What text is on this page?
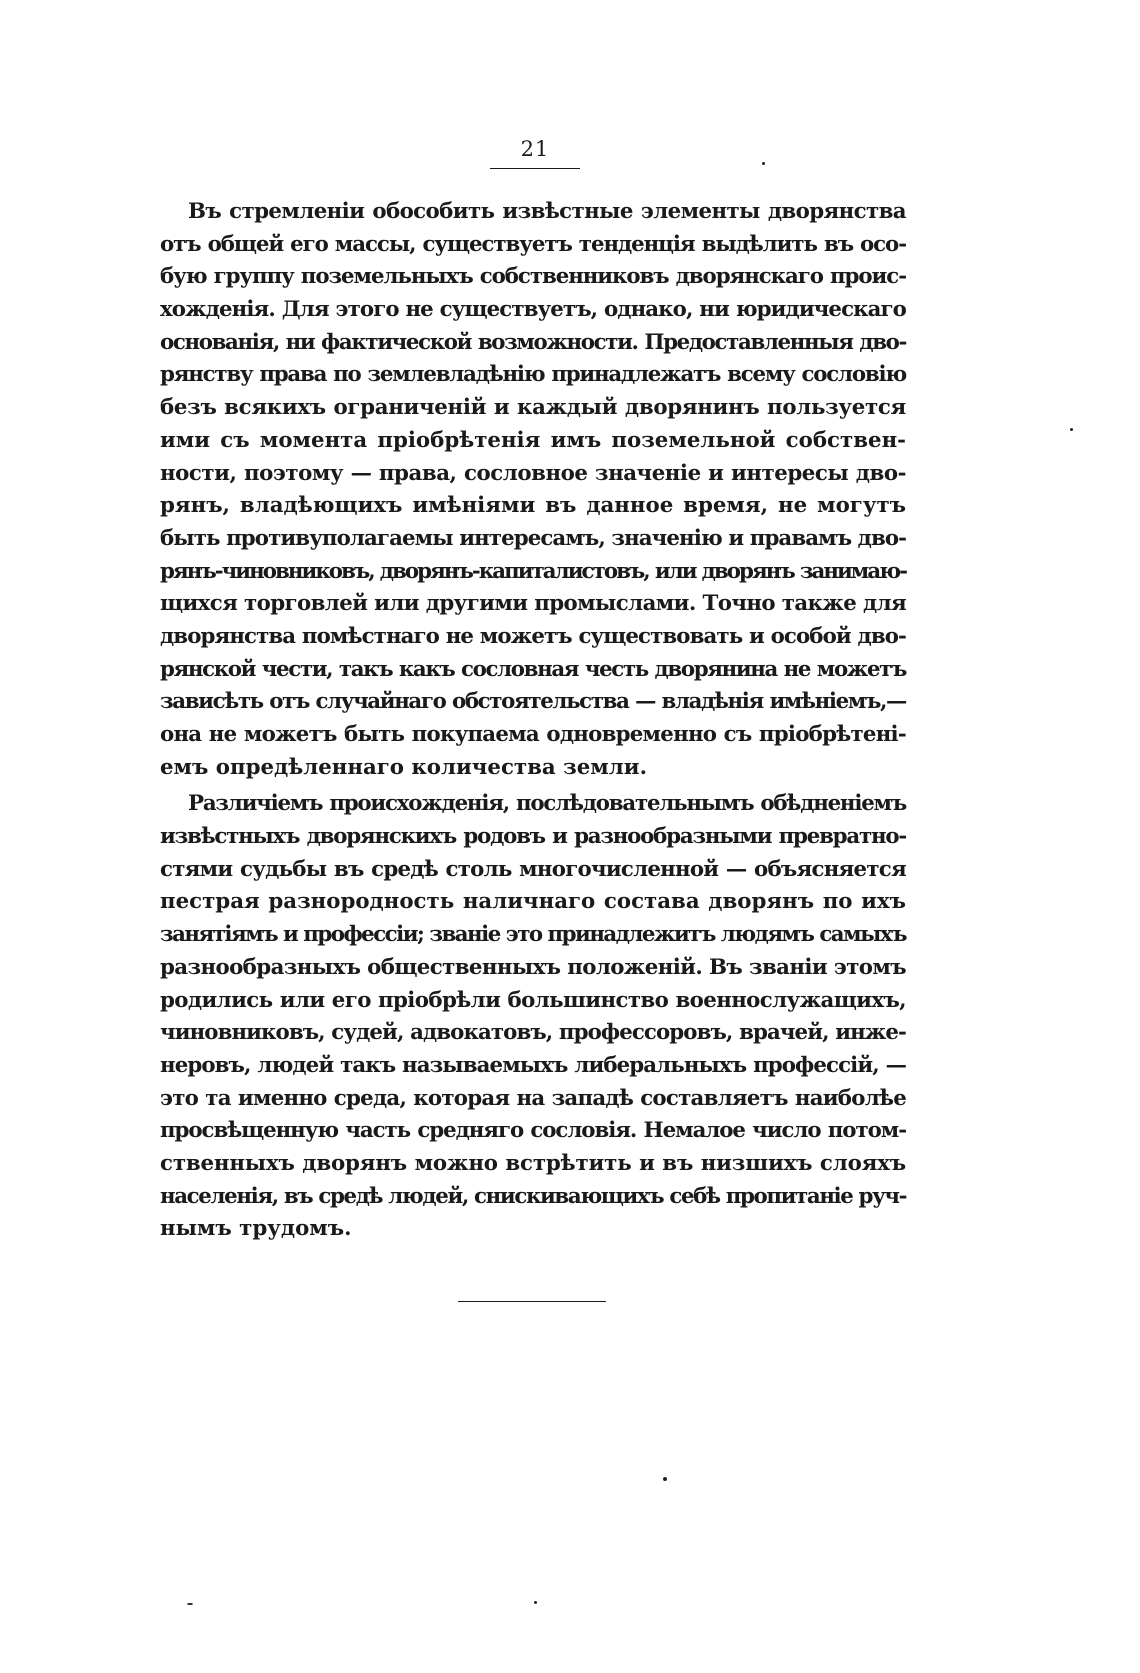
21
Въ стремленіи обособить извѣстные элементы дворянства
отъ общей его массы, существуетъ тенденція выдѣлить въ осо-
бую группу поземельныхъ собственниковъ дворянскаго проис-
хожденія. Для этого не существуетъ, однако, ни юридическаго
основанія, ни фактической возможности. Предоставленныя дво-
рянству права по землевладѣнію принадлежатъ всему сословію
безъ всякихъ ограниченій и каждый дворянинъ пользуется
ими съ момента пріобрѣтенія имъ поземельной собствен-
ности, поэтому — права, сословное значеніе и интересы дво-
рянъ, владѣющихъ имѣніями въ данное время, не могутъ
быть противуполагаемы интересамъ, значенію и правамъ дво-
рянъ-чиновниковъ, дворянъ-капиталистовъ, или дворянъ занимаю-
щихся торговлей или другими промыслами. Точно также для
дворянства помѣстнаго не можетъ существовать и особой дво-
рянской чести, такъ какъ сословная честь дворянина не можетъ
зависѣть отъ случайнаго обстоятельства — владѣнія имѣніемъ,—
она не можетъ быть покупаема одновременно съ пріобрѣтені-
емъ опредѣленнаго количества земли.
Различіемъ происхожденія, послѣдовательнымъ обѣдненіемъ
извѣстныхъ дворянскихъ родовъ и разнообразными превратно-
стями судьбы въ средѣ столь многочисленной — объясняется
пестрая разнородность наличнаго состава дворянъ по ихъ
занятіямъ и профессіи; званіе это принадлежитъ людямъ самыхъ
разнообразныхъ общественныхъ положеній. Въ званіи этомъ
родились или его пріобрѣли большинство военнослужащихъ,
чиновниковъ, судей, адвокатовъ, профессоровъ, врачей, инже-
неровъ, людей такъ называемыхъ либеральныхъ профессій, —
это та именно среда, которая на западѣ составляетъ наиболѣе
просвѣщенную часть средняго сословія. Немалое число потом-
ственныхъ дворянъ можно встрѣтить и въ низшихъ слояхъ
населенія, въ средѣ людей, снискивающихъ себѣ пропитаніе руч-
нымъ трудомъ.
